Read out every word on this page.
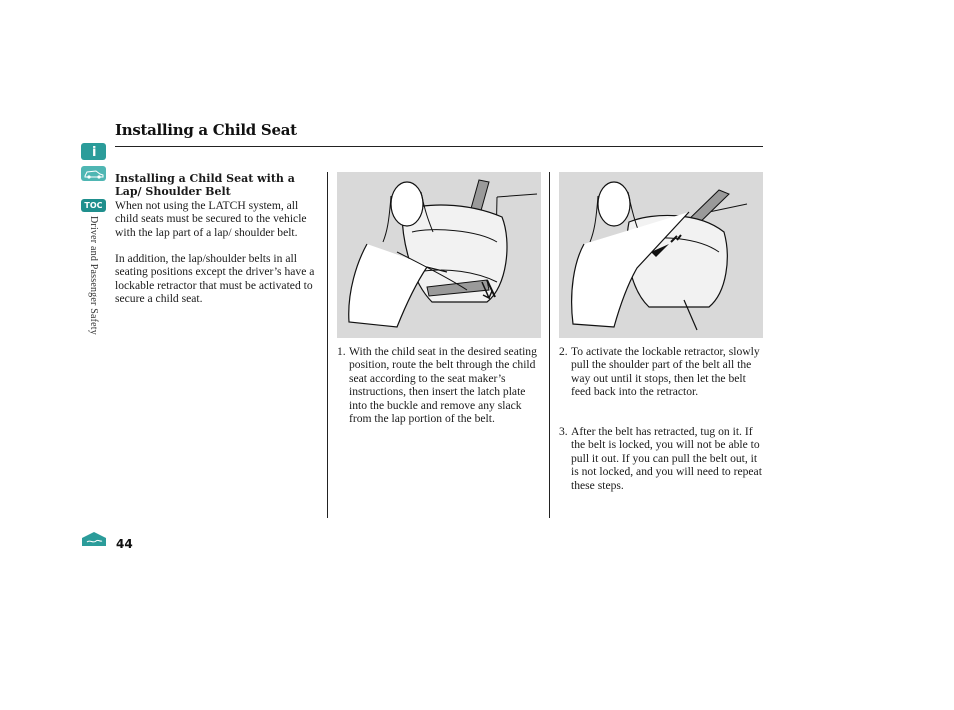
Installing a Child Seat
i
TOC
Driver and Passenger Safety
Installing a Child Seat with a Lap/ Shoulder Belt

When not using the LATCH system, all child seats must be secured to the vehicle with the lap part of a lap/ shoulder belt.

In addition, the lap/shoulder belts in all seating positions except the driver’s have a lockable retractor that must be activated to secure a child seat.

1. With the child seat in the desired seating position, route the belt through the child seat according to the seat maker’s instructions, then insert the latch plate into the buckle and remove any slack from the lap portion of the belt.
2. To activate the lockable retractor, slowly pull the shoulder part of the belt all the way out until it stops, then let the belt feed back into the retractor.
3. After the belt has retracted, tug on it. If the belt is locked, you will not be able to pull it out. If you can pull the belt out, it is not locked, and you will need to repeat these steps.
44
